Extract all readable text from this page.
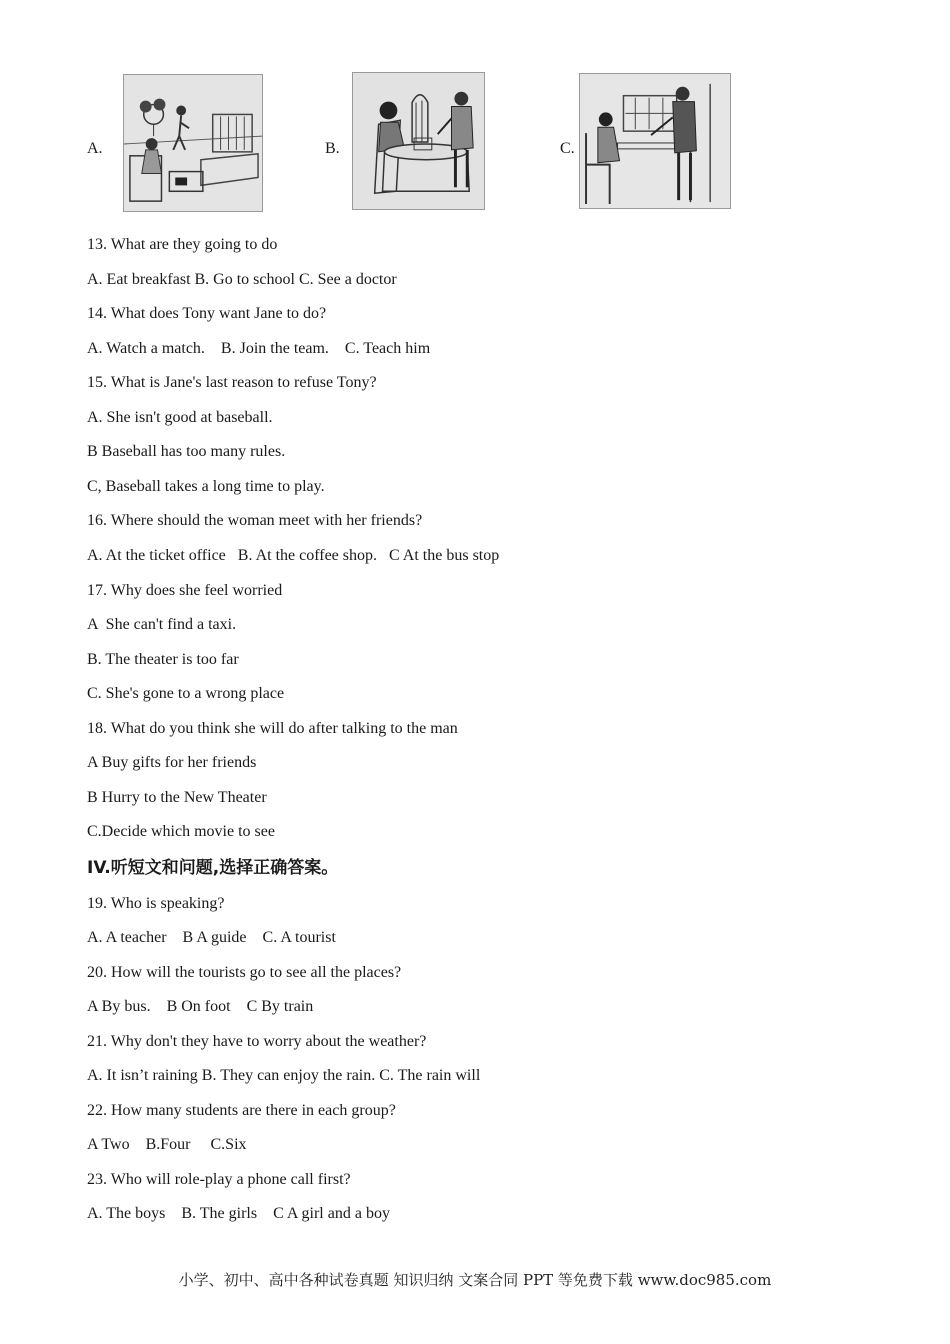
A.	B.	C.
13. What are they going to do
A. Eat breakfast B. Go to school C. See a doctor
14. What does Tony want Jane to do?
A. Watch a match.    B. Join the team.    C. Teach him
15. What is Jane's last reason to refuse Tony?
A. She isn't good at baseball.
B Baseball has too many rules.
C, Baseball takes a long time to play.
16. Where should the woman meet with her friends?
A. At the ticket office   B. At the coffee shop.   C At the bus stop
17. Why does she feel worried
A  She can't find a taxi.
B. The theater is too far
C. She's gone to a wrong place
18. What do you think she will do after talking to the man
A Buy gifts for her friends
B Hurry to the New Theater
C.Decide which movie to see
IV.听短文和问题,选择正确答案。
19. Who is speaking?
A. A teacher    B A guide    C. A tourist
20. How will the tourists go to see all the places?
A By bus.    B On foot    C By train
21. Why don't they have to worry about the weather?
A. It isn’t raining B. They can enjoy the rain. C. The rain will
22. How many students are there in each group?
A Two    B.Four     C.Six
23. Who will role-play a phone call first?
A. The boys    B. The girls    C A girl and a boy
小学、初中、高中各种试卷真题 知识归纳 文案合同 PPT 等免费下载 www.doc985.com
